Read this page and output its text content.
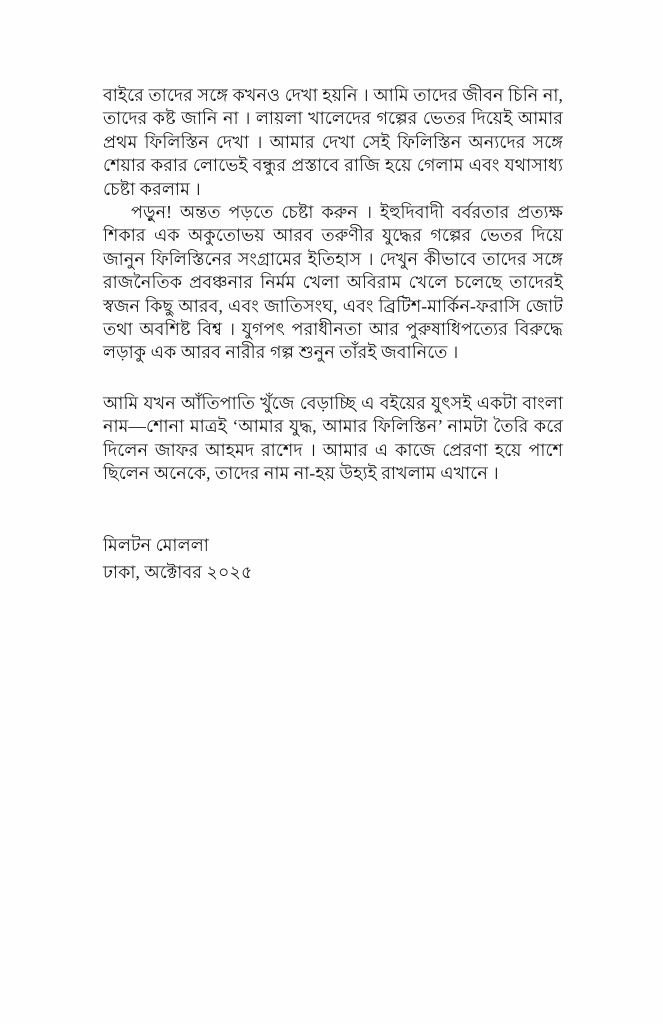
বাইরে তাদের সঙ্গে কখনও দেখা হয়নি । আমি তাদের জীবন চিনি না, তাদের কষ্ট জানি না । লায়লা খালেদের গল্পের ভেতর দিয়েই আমার প্রথম ফিলিস্তিন দেখা । আমার দেখা সেই ফিলিস্তিন অন্যদের সঙ্গে শেয়ার করার লোভেই বন্ধুর প্রস্তাবে রাজি হয়ে গেলাম এবং যথাসাধ্য চেষ্টা করলাম ।

পড়ুন! অন্তত পড়তে চেষ্টা করুন । ইহুদিবাদী বর্বরতার প্রত্যক্ষ শিকার এক অকুতোভয় আরব তরুণীর যুদ্ধের গল্পের ভেতর দিয়ে জানুন ফিলিস্তিনের সংগ্রামের ইতিহাস । দেখুন কীভাবে তাদের সঙ্গে রাজনৈতিক প্রবঞ্চনার নির্মম খেলা অবিরাম খেলে চলেছে তাদেরই স্বজন কিছু আরব, এবং জাতিসংঘ, এবং ব্রিটিশ-মার্কিন-ফরাসি জোট তথা অবশিষ্ট বিশ্ব । যুগপৎ পরাধীনতা আর পুরুষাধিপত্যের বিরুদ্ধে লড়াকু এক আরব নারীর গল্প শুনুন তাঁরই জবানিতে ।

আমি যখন আঁতিপাতি খুঁজে বেড়াচ্ছি এ বইয়ের যুৎসই একটা বাংলা নাম—শোনা মাত্রই ‘আমার যুদ্ধ, আমার ফিলিস্তিন’ নামটা তৈরি করে দিলেন জাফর আহমদ রাশেদ । আমার এ কাজে প্রেরণা হয়ে পাশে ছিলেন অনেকে, তাদের নাম না-হয় উহ্যই রাখলাম এখানে ।

মিলটন মোললা
ঢাকা, অক্টোবর ২০২৫
